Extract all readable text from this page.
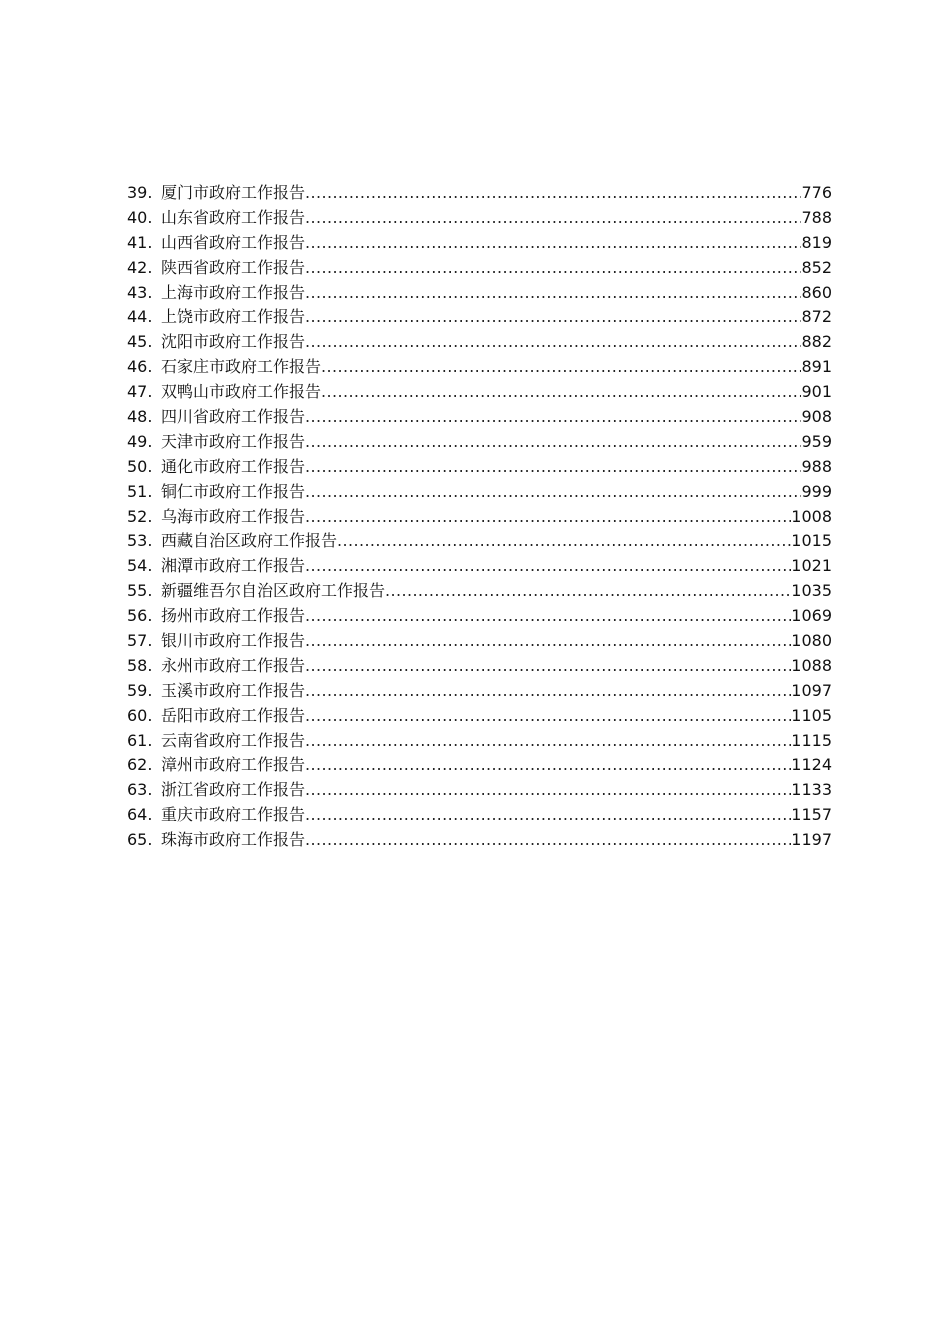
39. 厦门市政府工作报告 .....	776
40. 山东省政府工作报告 .....	788
41. 山西省政府工作报告 .....	819
42. 陕西省政府工作报告 .....	852
43. 上海市政府工作报告 .....	860
44. 上饶市政府工作报告 .....	872
45. 沈阳市政府工作报告 .....	882
46. 石家庄市政府工作报告 .....	891
47. 双鸭山市政府工作报告 .....	901
48. 四川省政府工作报告 .....	908
49. 天津市政府工作报告 .....	959
50. 通化市政府工作报告 .....	988
51. 铜仁市政府工作报告 .....	999
52. 乌海市政府工作报告 .....	1008
53. 西藏自治区政府工作报告 .....	1015
54. 湘潭市政府工作报告 .....	1021
55. 新疆维吾尔自治区政府工作报告 .....	1035
56. 扬州市政府工作报告 .....	1069
57. 银川市政府工作报告 .....	1080
58. 永州市政府工作报告 .....	1088
59. 玉溪市政府工作报告 .....	1097
60. 岳阳市政府工作报告 .....	1105
61. 云南省政府工作报告 .....	1115
62. 漳州市政府工作报告 .....	1124
63. 浙江省政府工作报告 .....	1133
64. 重庆市政府工作报告 .....	1157
65. 珠海市政府工作报告 .....	1197
